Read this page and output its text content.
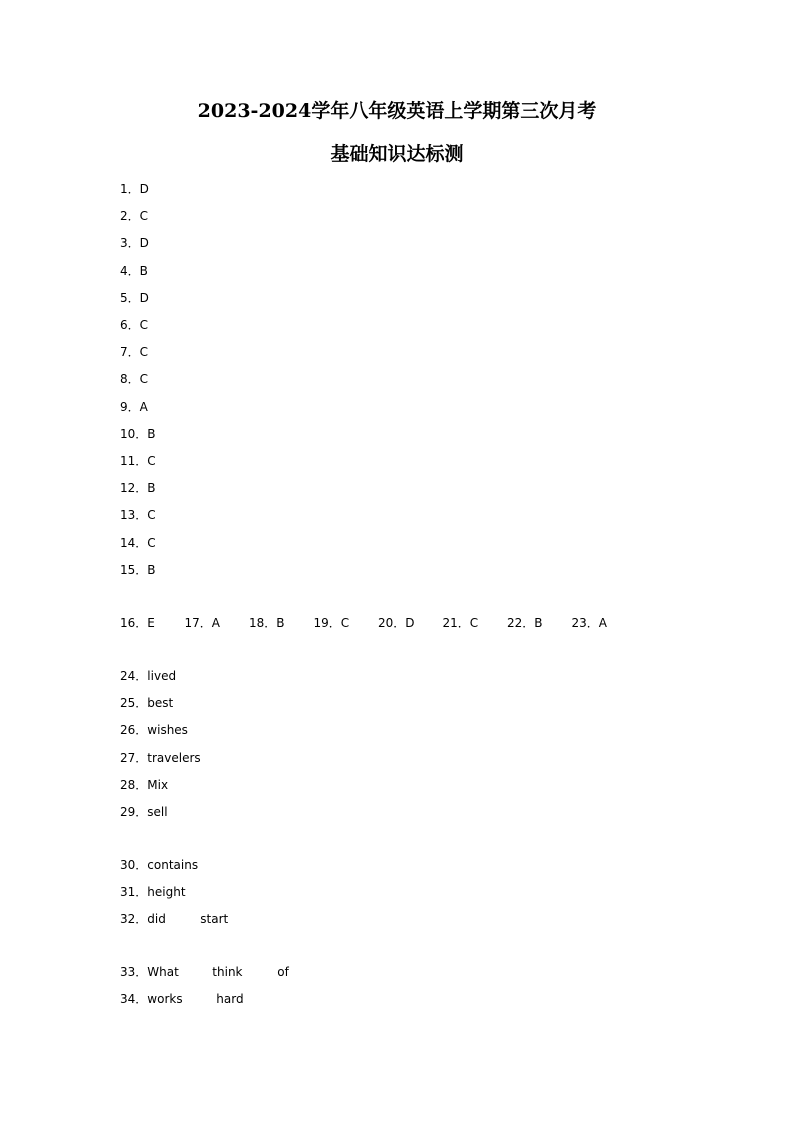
2023-2024学年八年级英语上学期第三次月考
基础知识达标测
1．D
2．C
3．D
4．B
5．D
6．C
7．C
8．C
9．A
10．B
11．C
12．B
13．C
14．C
15．B
16．E 17．A 18．B 19．C 20．D 21．C 22．B 23．A
24．lived
25．best
26．wishes
27．travelers
28．Mix
29．sell
30．contains
31．height
32．did	start
33．What	think	of
34．works	hard
